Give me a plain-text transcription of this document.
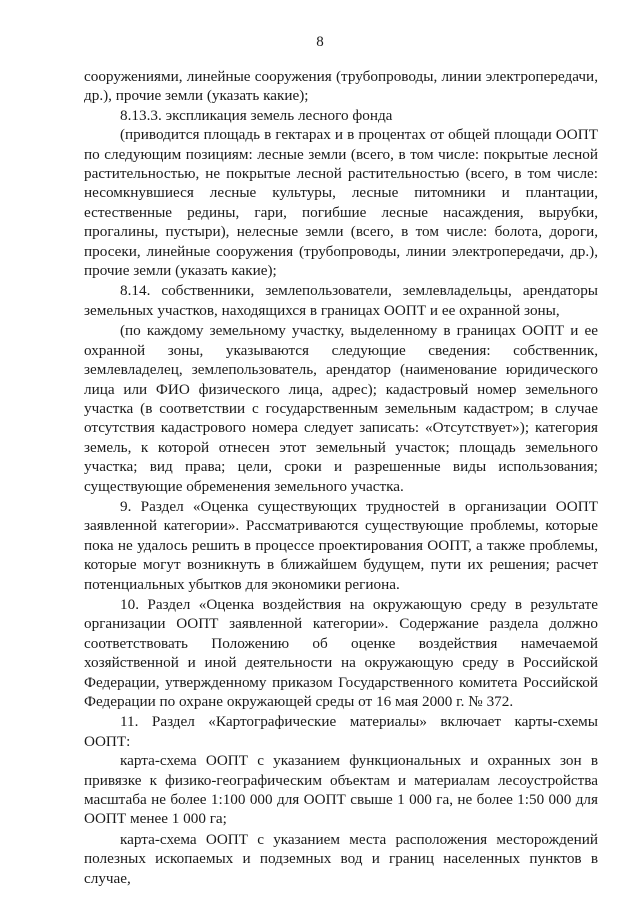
8

сооружениями, линейные сооружения (трубопроводы, линии электропередачи, др.), прочие земли (указать какие);

8.13.3. экспликация земель лесного фонда

(приводится площадь в гектарах и в процентах от общей площади ООПТ по следующим позициям: лесные земли (всего, в том числе: покрытые лесной растительностью, не покрытые лесной растительностью (всего, в том числе: несомкнувшиеся лесные культуры, лесные питомники и плантации, естественные редины, гари, погибшие лесные насаждения, вырубки, прогалины, пустыри), нелесные земли (всего, в том числе: болота, дороги, просеки, линейные сооружения (трубопроводы, линии электропередачи, др.), прочие земли (указать какие);

8.14. собственники, землепользователи, землевладельцы, арендаторы земельных участков, находящихся в границах ООПТ и ее охранной зоны,

(по каждому земельному участку, выделенному в границах ООПТ и ее охранной зоны, указываются следующие сведения: собственник, землевладелец, землепользователь, арендатор (наименование юридического лица или ФИО физического лица, адрес); кадастровый номер земельного участка (в соответствии с государственным земельным кадастром; в случае отсутствия кадастрового номера следует записать: «Отсутствует»); категория земель, к которой отнесен этот земельный участок; площадь земельного участка; вид права; цели, сроки и разрешенные виды использования; существующие обременения земельного участка.

9. Раздел «Оценка существующих трудностей в организации ООПТ заявленной категории». Рассматриваются существующие проблемы, которые пока не удалось решить в процессе проектирования ООПТ, а также проблемы, которые могут возникнуть в ближайшем будущем, пути их решения; расчет потенциальных убытков для экономики региона.

10. Раздел «Оценка воздействия на окружающую среду в результате организации ООПТ заявленной категории». Содержание раздела должно соответствовать Положению об оценке воздействия намечаемой хозяйственной и иной деятельности на окружающую среду в Российской Федерации, утвержденному приказом Государственного комитета Российской Федерации по охране окружающей среды от 16 мая 2000 г. № 372.

11. Раздел «Картографические материалы» включает карты-схемы ООПТ:

карта-схема ООПТ с указанием функциональных и охранных зон в привязке к физико-географическим объектам и материалам лесоустройства масштаба не более 1:100 000 для ООПТ свыше 1 000 га, не более 1:50 000 для ООПТ менее 1 000 га;

карта-схема ООПТ с указанием места расположения месторождений полезных ископаемых и подземных вод и границ населенных пунктов в случае,
